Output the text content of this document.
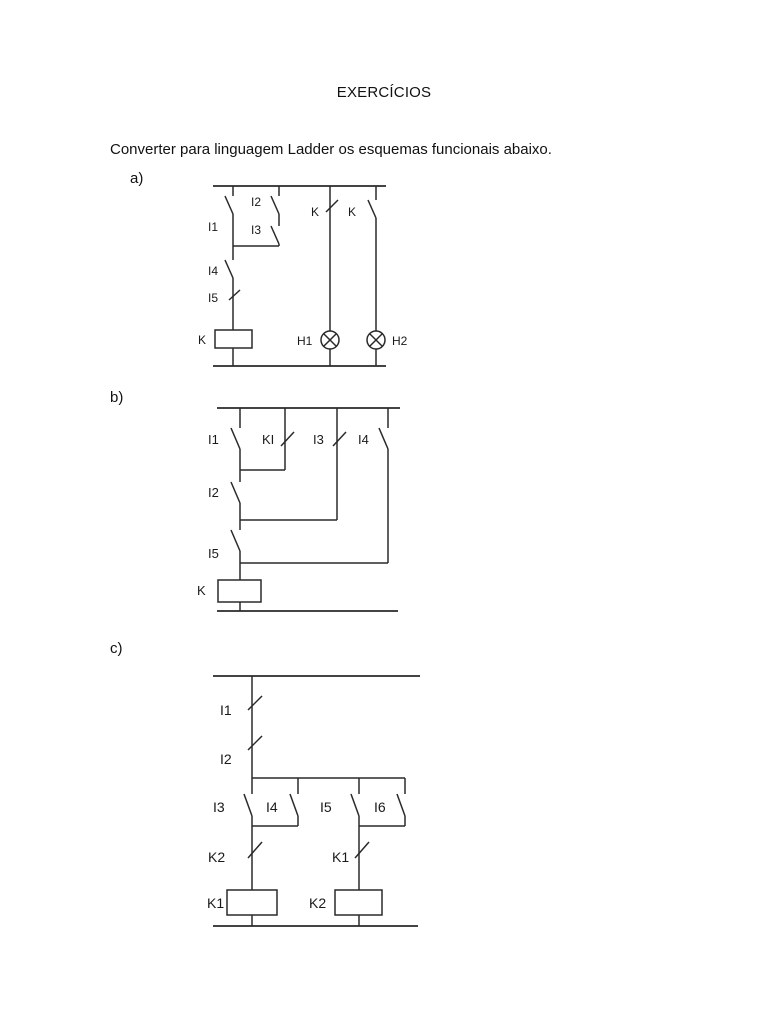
EXERCÍCIOS
Converter para linguagem Ladder os esquemas funcionais abaixo.
a)
b)
c)
I1
I2
I3
I4
I5
K K
K	H1	H2
I1	KI	I3	I4
I2
I5
K
I1
I2
I3	I4	I5	I6
K2	K1
K1	K2
